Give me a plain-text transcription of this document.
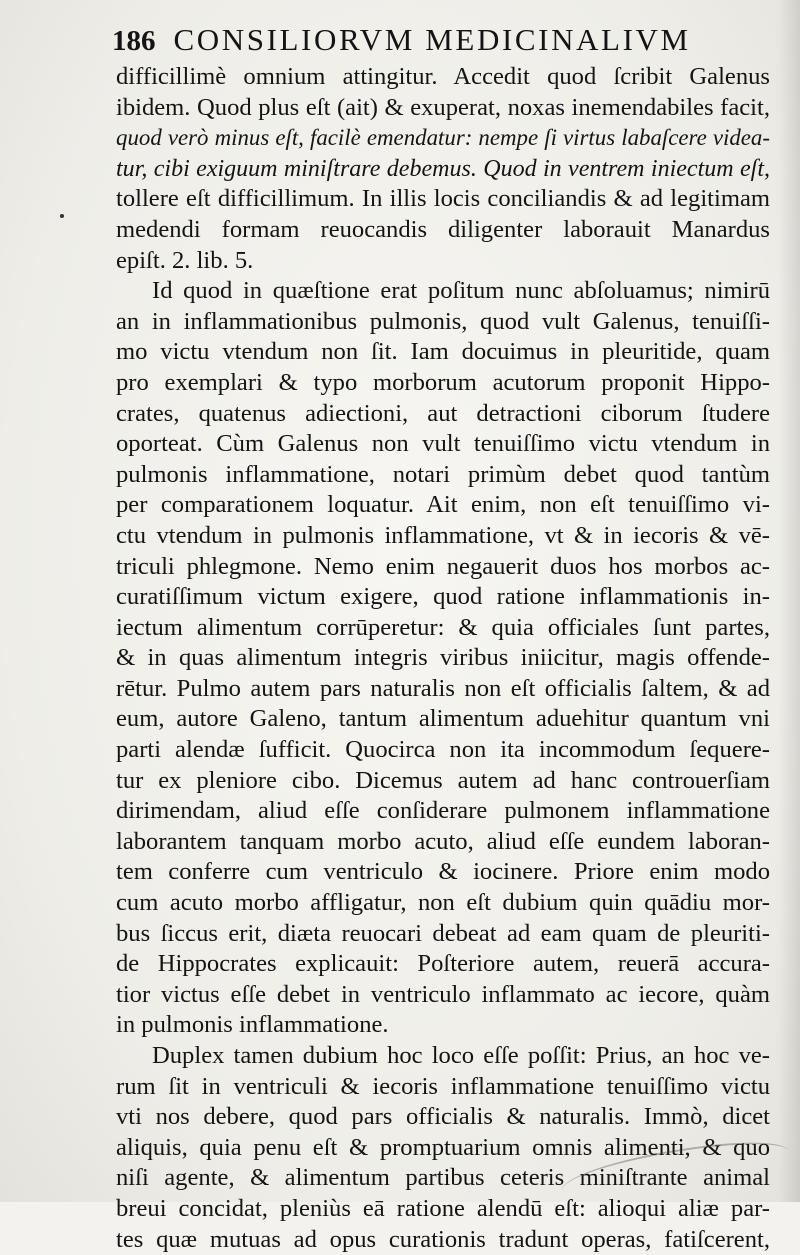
186 CONSILIORVM MEDICINALIVM
difficillimè omnium attingitur. Accedit quod ſcribit Galenus
ibidem. Quod plus eſt (ait) & exuperat, noxas inemendabiles facit,
quod verò minus eſt, facilè emendatur: nempe ſi virtus labaſcere videa-
tur, cibi exiguum miniſtrare debemus. Quod in ventrem iniectum eſt,
tollere eſt difficillimum. In illis locis conciliandis & ad legitimam
medendi formam reuocandis diligenter laborauit Manardus
epiſt. 2. lib. 5.
Id quod in quæſtione erat poſitum nunc abſoluamus; nimirū
an in inflammationibus pulmonis, quod vult Galenus, tenuiſſi-
mo victu vtendum non ſit. Iam docuimus in pleuritide, quam
pro exemplari & typo morborum acutorum proponit Hippo-
crates, quatenus adiectioni, aut detractioni ciborum ſtudere
oporteat. Cùm Galenus non vult tenuiſſimo victu vtendum in
pulmonis inflammatione, notari primùm debet quod tantùm
per comparationem loquatur. Ait enim, non eſt tenuiſſimo vi-
ctu vtendum in pulmonis inflammatione, vt & in iecoris & vē-
triculi phlegmone. Nemo enim negauerit duos hos morbos ac-
curatiſſimum victum exigere, quod ratione inflammationis in-
iectum alimentum corrūperetur: & quia officiales ſunt partes,
& in quas alimentum integris viribus iniicitur, magis offende-
rētur. Pulmo autem pars naturalis non eſt officialis ſaltem, & ad
eum, autore Galeno, tantum alimentum aduehitur quantum vni
parti alendæ ſufficit. Quocirca non ita incommodum ſequere-
tur ex pleniore cibo. Dicemus autem ad hanc controuerſiam
dirimendam, aliud eſſe conſiderare pulmonem inflammatione
laborantem tanquam morbo acuto, aliud eſſe eundem laboran-
tem conferre cum ventriculo & iocinere. Priore enim modo
cum acuto morbo affligatur, non eſt dubium quin quādiu mor-
bus ſiccus erit, diæta reuocari debeat ad eam quam de pleuriti-
de Hippocrates explicauit: Poſteriore autem, reuerā accura-
tior victus eſſe debet in ventriculo inflammato ac iecore, quàm
in pulmonis inflammatione.
Duplex tamen dubium hoc loco eſſe poſſit: Prius, an hoc ve-
rum ſit in ventriculi & iecoris inflammatione tenuiſſimo victu
vti nos debere, quod pars officialis & naturalis. Immò, dicet
aliquis, quia penu eſt & promptuarium omnis alimenti, & quo
niſi agente, & alimentum partibus ceteris miniſtrante animal
breui concidat, pleniùs eā ratione alendū eſt: alioqui aliæ par-
tes quæ mutuas ad opus curationis tradunt operas, fatiſcerent,
